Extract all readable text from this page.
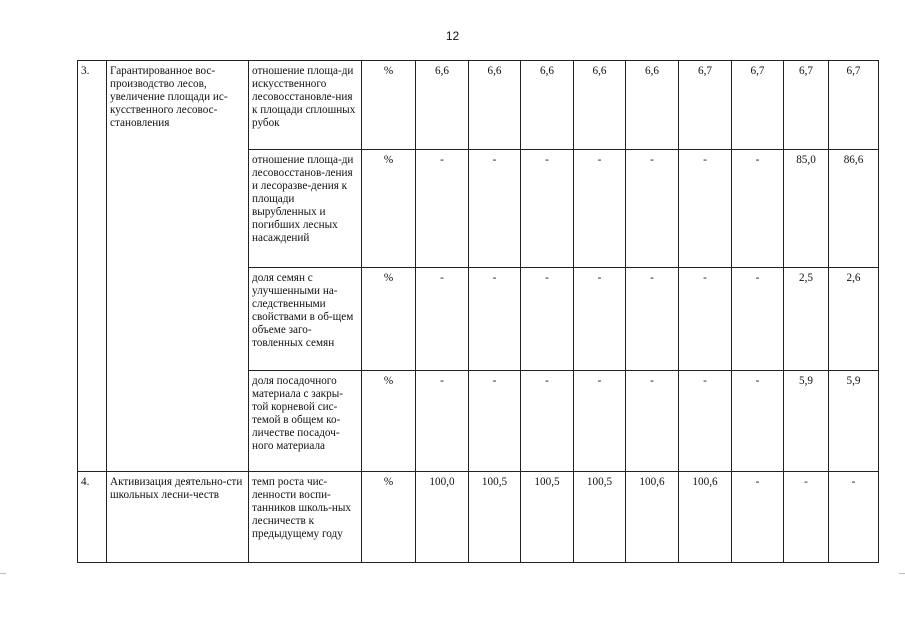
12
3.	Гарантированное вос-производство лесов, увеличение площади ис-кусственного лесовос-становления	отношение площа-ди искусственного лесовосстановле-ния к площади сплошных рубок	%	6,6	6,6	6,6	6,6	6,6	6,7	6,7	6,7	6,7
		отношение площа-ди лесовосстанов-ления и лесоразве-дения к площади вырубленных и погибших лесных насаждений	%	-	-	-	-	-	-	-	85,0	86,6
		доля семян с улучшенными на-следственными свойствами в об-щем объеме заго-товленных семян	%	-	-	-	-	-	-	-	2,5	2,6
		доля посадочного материала с закры-той корневой сис-темой в общем ко-личестве посадоч-ного материала	%	-	-	-	-	-	-	-	5,9	5,9
4.	Активизация деятельно-сти школьных лесни-честв	темп роста чис-ленности воспи-танников школь-ных лесничеств к предыдущему году	%	100,0	100,5	100,5	100,5	100,6	100,6	-	-	-
